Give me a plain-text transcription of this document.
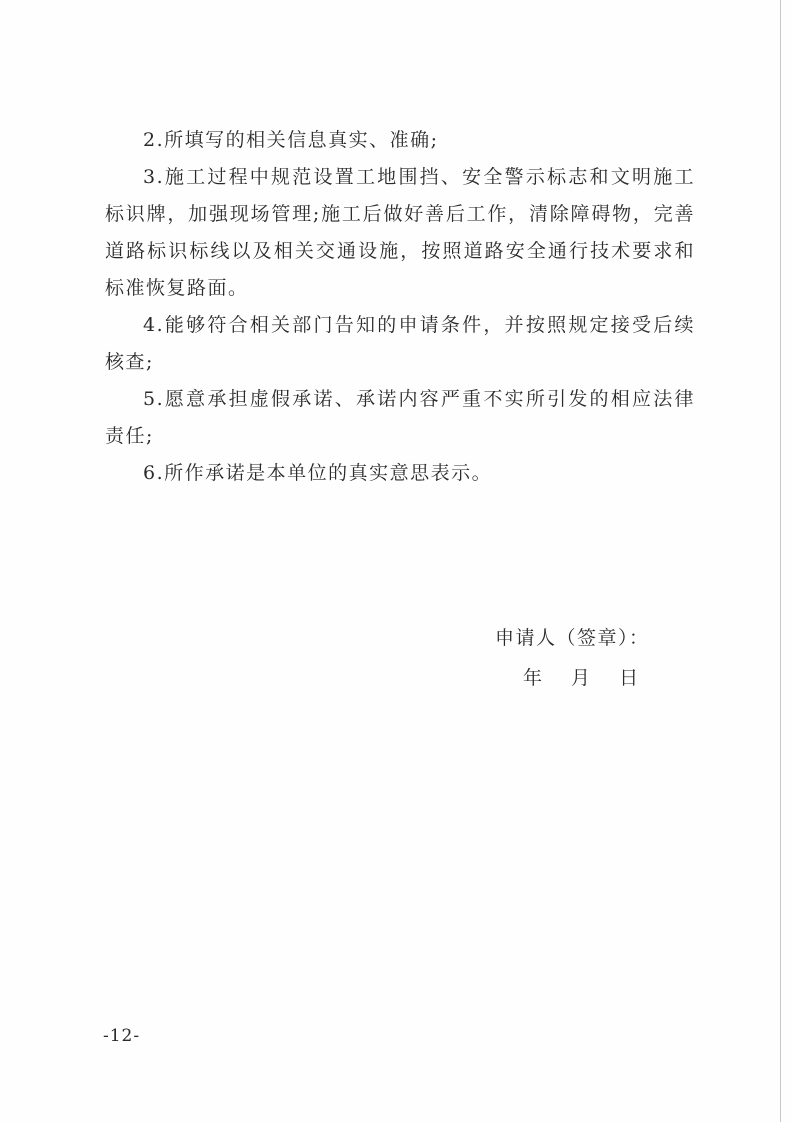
2.所填写的相关信息真实、准确;

3.施工过程中规范设置工地围挡、安全警示标志和文明施工标识牌，加强现场管理;施工后做好善后工作，清除障碍物，完善道路标识标线以及相关交通设施，按照道路安全通行技术要求和标准恢复路面。

4.能够符合相关部门告知的申请条件，并按照规定接受后续核查;

5.愿意承担虚假承诺、承诺内容严重不实所引发的相应法律责任;

6.所作承诺是本单位的真实意思表示。

申请人（签章）：
年 月 日
-12-
